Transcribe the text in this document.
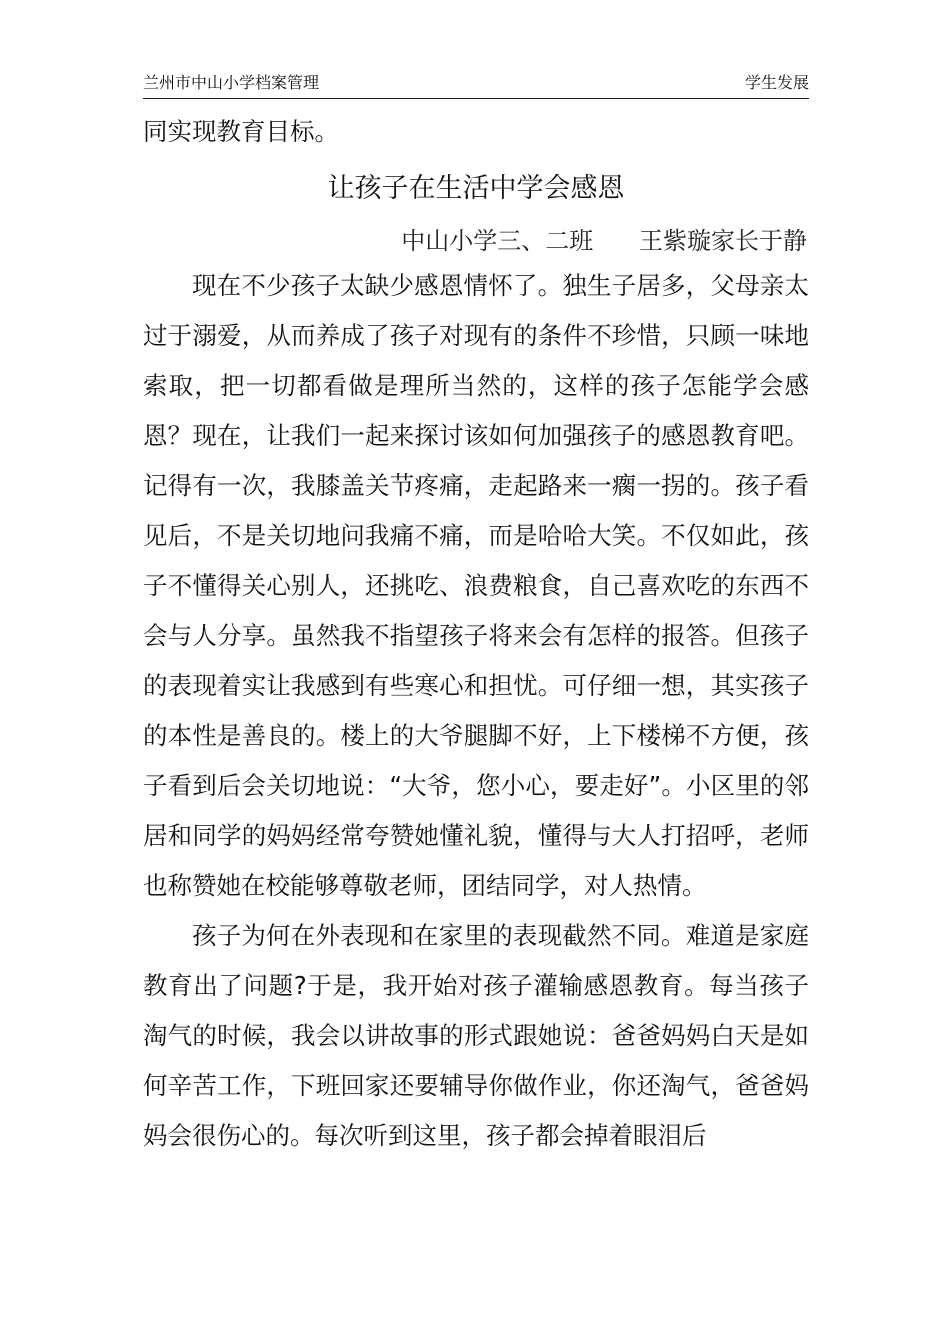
兰州市中山小学档案管理	学生发展

同实现教育目标。

让孩子在生活中学会感恩

中山小学三、二班      王紫璇家长于静

现在不少孩子太缺少感恩情怀了。独生子居多，父母亲太过于溺爱，从而养成了孩子对现有的条件不珍惜，只顾一味地索取，把一切都看做是理所当然的，这样的孩子怎能学会感恩？现在，让我们一起来探讨该如何加强孩子的感恩教育吧。记得有一次，我膝盖关节疼痛，走起路来一瘸一拐的。孩子看见后，不是关切地问我痛不痛，而是哈哈大笑。不仅如此，孩子不懂得关心别人，还挑吃、浪费粮食，自己喜欢吃的东西不会与人分享。虽然我不指望孩子将来会有怎样的报答。但孩子的表现着实让我感到有些寒心和担忧。可仔细一想，其实孩子的本性是善良的。楼上的大爷腿脚不好，上下楼梯不方便，孩子看到后会关切地说：“大爷，您小心，要走好”。小区里的邻居和同学的妈妈经常夸赞她懂礼貌，懂得与大人打招呼，老师也称赞她在校能够尊敬老师，团结同学，对人热情。

孩子为何在外表现和在家里的表现截然不同。难道是家庭教育出了问题?于是，我开始对孩子灌输感恩教育。每当孩子淘气的时候，我会以讲故事的形式跟她说：爸爸妈妈白天是如何辛苦工作，下班回家还要辅导你做作业，你还淘气，爸爸妈妈会很伤心的。每次听到这里，孩子都会掉着眼泪后
